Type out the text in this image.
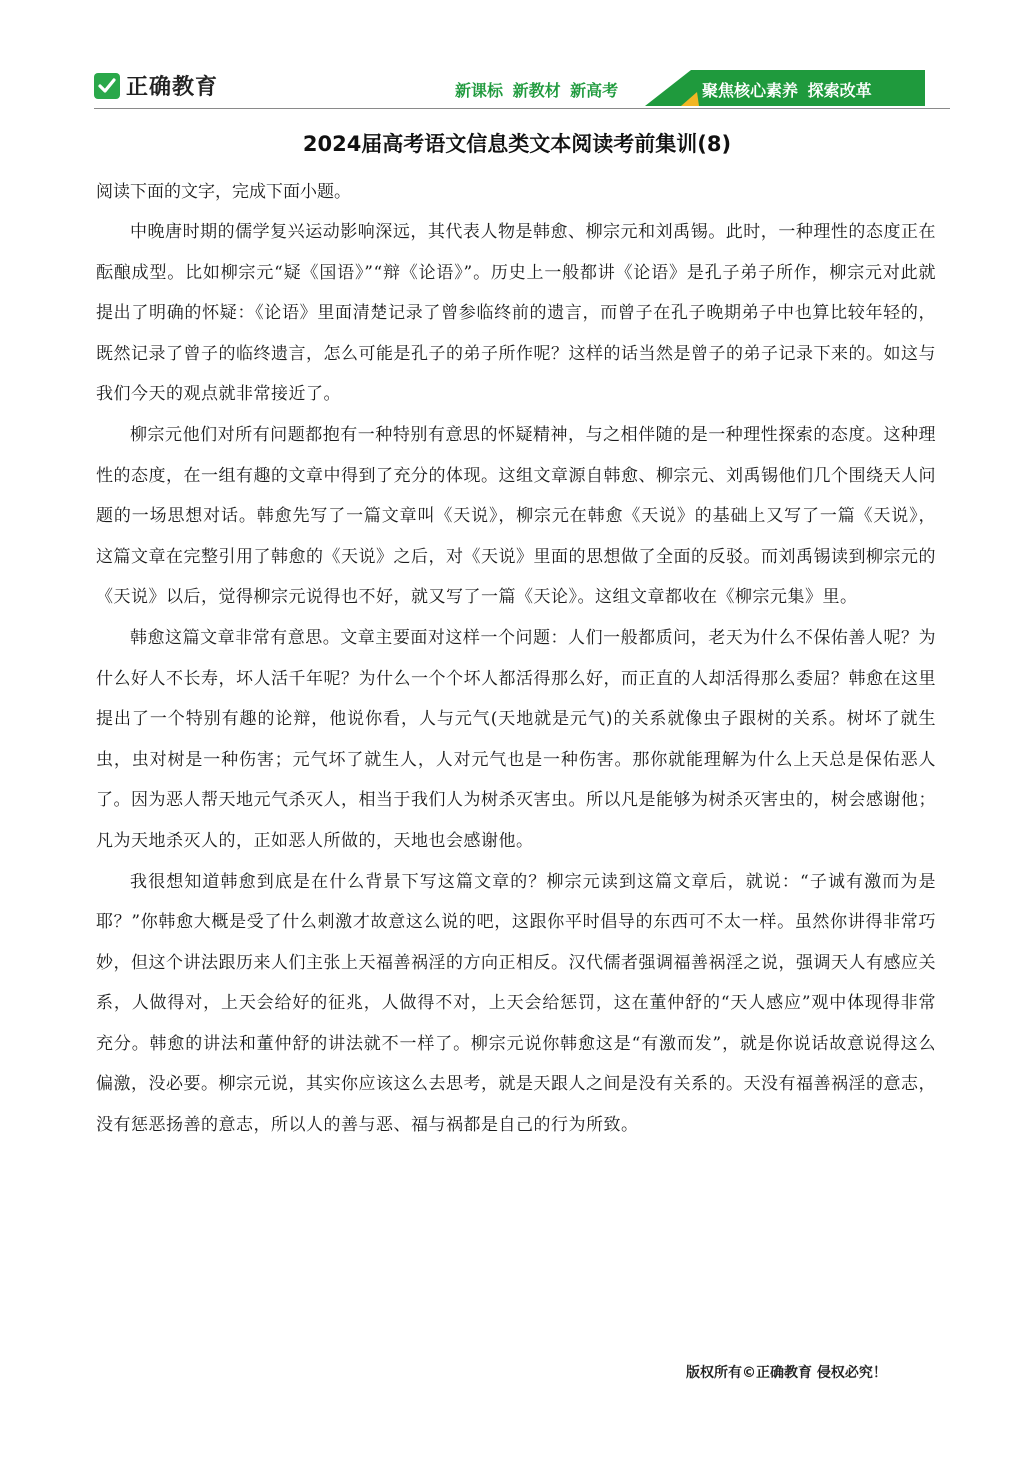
正确教育	新课标 新教材 新高考	聚焦核心素养 探索改革
2024届高考语文信息类文本阅读考前集训(8)
阅读下面的文字，完成下面小题。

中晚唐时期的儒学复兴运动影响深远，其代表人物是韩愈、柳宗元和刘禹锡。此时，一种理性的态度正在酝酿成型。比如柳宗元“疑《国语》”“辩《论语》”。历史上一般都讲《论语》是孔子弟子所作，柳宗元对此就提出了明确的怀疑：《论语》里面清楚记录了曾参临终前的遗言，而曾子在孔子晚期弟子中也算比较年轻的，既然记录了曾子的临终遗言，怎么可能是孔子的弟子所作呢？这样的话当然是曾子的弟子记录下来的。如这与我们今天的观点就非常接近了。

柳宗元他们对所有问题都抱有一种特别有意思的怀疑精神，与之相伴随的是一种理性探索的态度。这种理性的态度，在一组有趣的文章中得到了充分的体现。这组文章源自韩愈、柳宗元、刘禹锡他们几个围绕天人问题的一场思想对话。韩愈先写了一篇文章叫《天说》，柳宗元在韩愈《天说》的基础上又写了一篇《天说》，这篇文章在完整引用了韩愈的《天说》之后，对《天说》里面的思想做了全面的反驳。而刘禹锡读到柳宗元的《天说》以后，觉得柳宗元说得也不好，就又写了一篇《天论》。这组文章都收在《柳宗元集》里。

韩愈这篇文章非常有意思。文章主要面对这样一个问题：人们一般都质问，老天为什么不保佑善人呢？为什么好人不长寿，坏人活千年呢？为什么一个个坏人都活得那么好，而正直的人却活得那么委屈？韩愈在这里提出了一个特别有趣的论辩，他说你看，人与元气(天地就是元气)的关系就像虫子跟树的关系。树坏了就生虫，虫对树是一种伤害；元气坏了就生人，人对元气也是一种伤害。那你就能理解为什么上天总是保佑恶人了。因为恶人帮天地元气杀灭人，相当于我们人为树杀灭害虫。所以凡是能够为树杀灭害虫的，树会感谢他；凡为天地杀灭人的，正如恶人所做的，天地也会感谢他。

我很想知道韩愈到底是在什么背景下写这篇文章的？柳宗元读到这篇文章后，就说：“子诚有激而为是耶？”你韩愈大概是受了什么刺激才故意这么说的吧，这跟你平时倡导的东西可不太一样。虽然你讲得非常巧妙，但这个讲法跟历来人们主张上天福善祸淫的方向正相反。汉代儒者强调福善祸淫之说，强调天人有感应关系，人做得对，上天会给好的征兆，人做得不对，上天会给惩罚，这在董仲舒的“天人感应”观中体现得非常充分。韩愈的讲法和董仲舒的讲法就不一样了。柳宗元说你韩愈这是“有激而发”，就是你说话故意说得这么偏激，没必要。柳宗元说，其实你应该这么去思考，就是天跟人之间是没有关系的。天没有福善祸淫的意志，没有惩恶扬善的意志，所以人的善与恶、福与祸都是自己的行为所致。

版权所有©正确教育 侵权必究！
